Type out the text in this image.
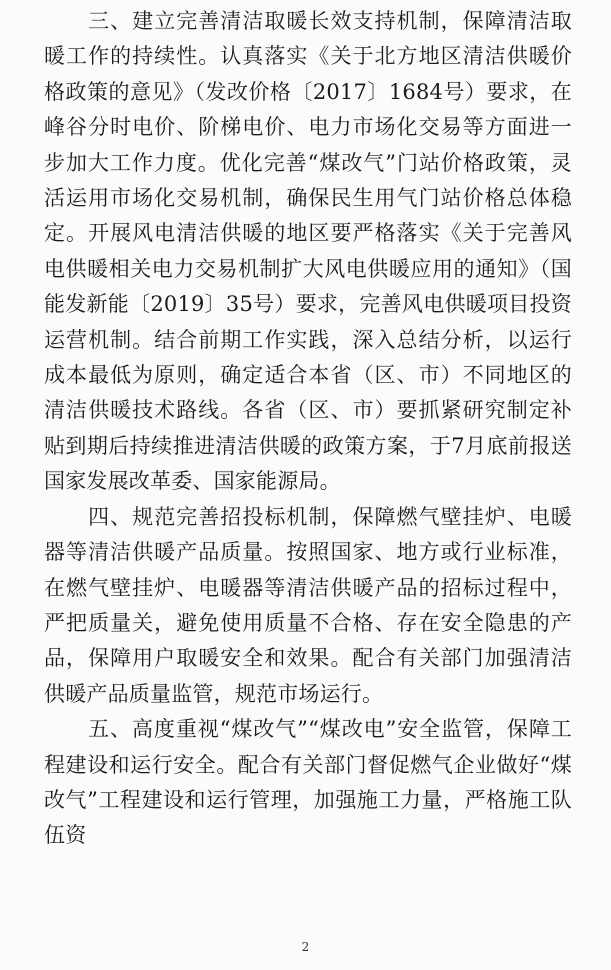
三、建立完善清洁取暖长效支持机制，保障清洁取暖工作的持续性。认真落实《关于北方地区清洁供暖价格政策的意见》（发改价格〔2017〕1684号）要求，在峰谷分时电价、阶梯电价、电力市场化交易等方面进一步加大工作力度。优化完善“煤改气”门站价格政策，灵活运用市场化交易机制，确保民生用气门站价格总体稳定。开展风电清洁供暖的地区要严格落实《关于完善风电供暖相关电力交易机制扩大风电供暖应用的通知》（国能发新能〔2019〕35号）要求，完善风电供暖项目投资运营机制。结合前期工作实践，深入总结分析，以运行成本最低为原则，确定适合本省（区、市）不同地区的清洁供暖技术路线。各省（区、市）要抓紧研究制定补贴到期后持续推进清洁供暖的政策方案，于7月底前报送国家发展改革委、国家能源局。

四、规范完善招投标机制，保障燃气壁挂炉、电暖器等清洁供暖产品质量。按照国家、地方或行业标准，在燃气壁挂炉、电暖器等清洁供暖产品的招标过程中，严把质量关，避免使用质量不合格、存在安全隐患的产品，保障用户取暖安全和效果。配合有关部门加强清洁供暖产品质量监管，规范市场运行。

五、高度重视“煤改气”“煤改电”安全监管，保障工程建设和运行安全。配合有关部门督促燃气企业做好“煤改气”工程建设和运行管理，加强施工力量，严格施工队伍资

2
